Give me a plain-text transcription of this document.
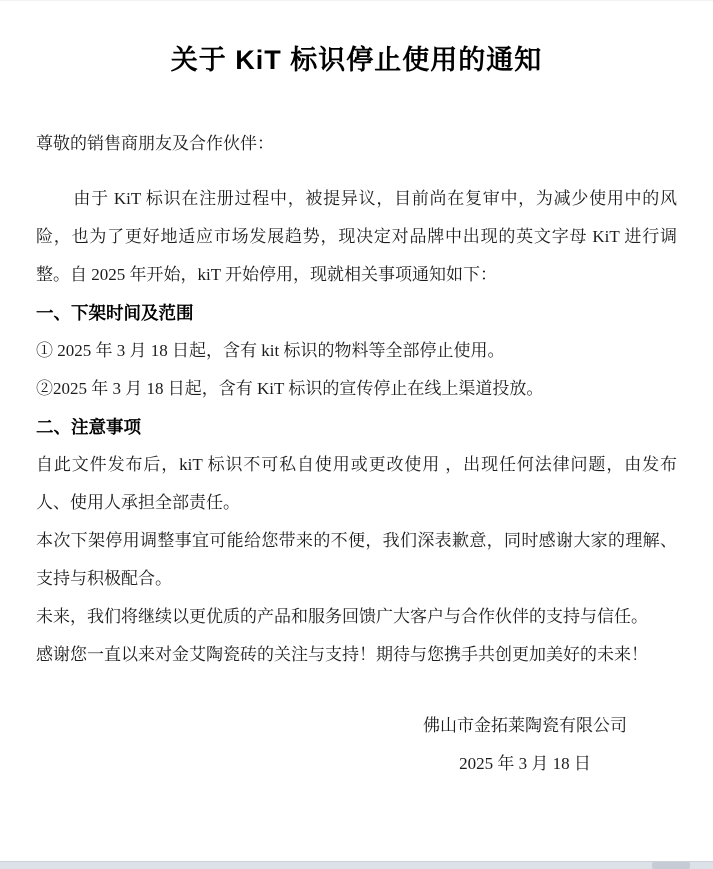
关于 KiT 标识停止使用的通知

尊敬的销售商朋友及合作伙伴：

由于 KiT 标识在注册过程中，被提异议，目前尚在复审中，为减少使用中的风险，也为了更好地适应市场发展趋势，现决定对品牌中出现的英文字母 KiT 进行调整。自 2025 年开始，kiT 开始停用，现就相关事项通知如下：

一、下架时间及范围

① 2025 年 3 月 18 日起，含有 kit 标识的物料等全部停止使用。

②2025 年 3 月 18 日起，含有 KiT 标识的宣传停止在线上渠道投放。

二、注意事项

自此文件发布后，kiT 标识不可私自使用或更改使用 ，出现任何法律问题，由发布人、使用人承担全部责任。

本次下架停用调整事宜可能给您带来的不便，我们深表歉意，同时感谢大家的理解、支持与积极配合。

未来，我们将继续以更优质的产品和服务回馈广大客户与合作伙伴的支持与信任。

感谢您一直以来对金艾陶瓷砖的关注与支持！期待与您携手共创更加美好的未来！

佛山市金拓莱陶瓷有限公司
2025 年 3 月 18 日
